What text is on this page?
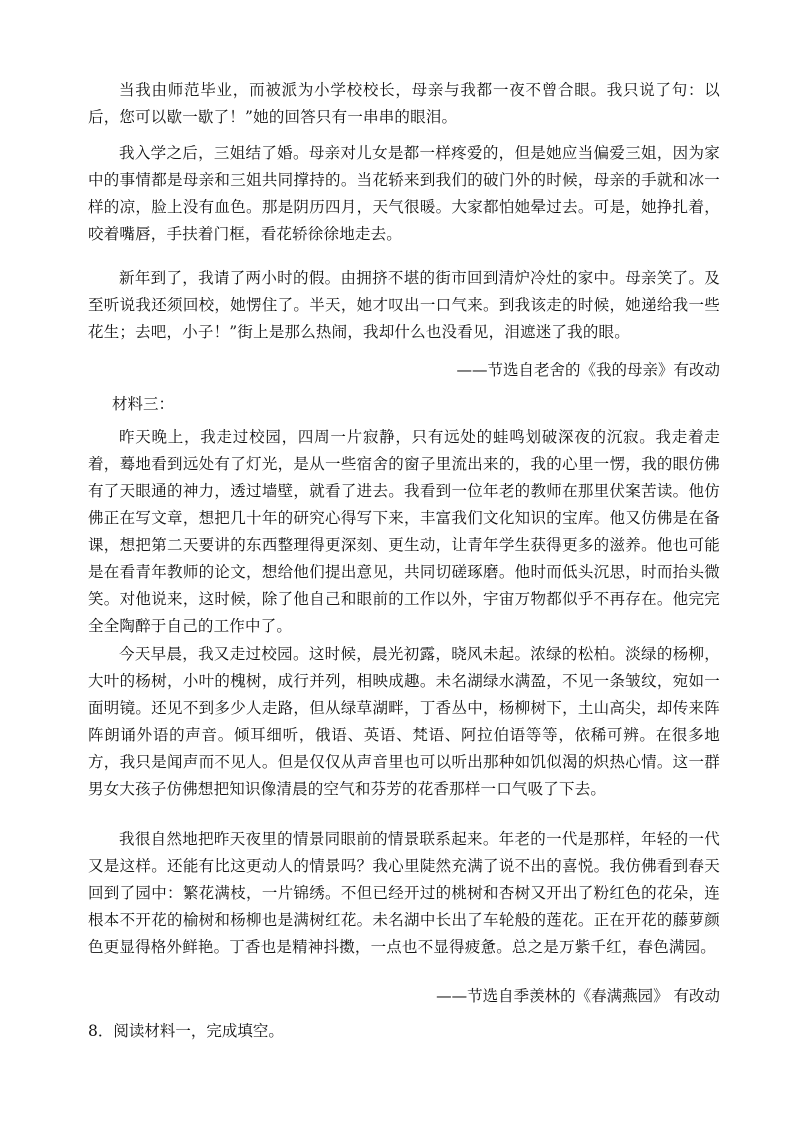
当我由师范毕业，而被派为小学校校长，母亲与我都一夜不曾合眼。我只说了句：以后，您可以歇一歇了！”她的回答只有一串串的眼泪。

我入学之后，三姐结了婚。母亲对儿女是都一样疼爱的，但是她应当偏爱三姐，因为家中的事情都是母亲和三姐共同撑持的。当花轿来到我们的破门外的时候，母亲的手就和冰一样的凉，脸上没有血色。那是阴历四月，天气很暖。大家都怕她晕过去。可是，她挣扎着，咬着嘴唇，手扶着门框，看花轿徐徐地走去。

新年到了，我请了两小时的假。由拥挤不堪的街市回到清炉冷灶的家中。母亲笑了。及至听说我还须回校，她愣住了。半天，她才叹出一口气来。到我该走的时候，她递给我一些花生；去吧，小子！”街上是那么热闹，我却什么也没看见，泪遮迷了我的眼。

——节选自老舍的《我的母亲》有改动

材料三：

昨天晚上，我走过校园，四周一片寂静，只有远处的蛙鸣划破深夜的沉寂。我走着走着，蓦地看到远处有了灯光，是从一些宿舍的窗子里流出来的，我的心里一愣，我的眼仿佛有了天眼通的神力，透过墙壁，就看了进去。我看到一位年老的教师在那里伏案苦读。他仿佛正在写文章，想把几十年的研究心得写下来，丰富我们文化知识的宝库。他又仿佛是在备课，想把第二天要讲的东西整理得更深刻、更生动，让青年学生获得更多的滋养。他也可能是在看青年教师的论文，想给他们提出意见，共同切磋琢磨。他时而低头沉思，时而抬头微笑。对他说来，这时候，除了他自己和眼前的工作以外，宇宙万物都似乎不再存在。他完完全全陶醉于自己的工作中了。

今天早晨，我又走过校园。这时候，晨光初露，晓风未起。浓绿的松柏。淡绿的杨柳，大叶的杨树，小叶的槐树，成行并列，相映成趣。未名湖绿水满盈，不见一条皱纹，宛如一面明镜。还见不到多少人走路，但从绿草湖畔，丁香丛中，杨柳树下，土山高尖，却传来阵阵朗诵外语的声音。倾耳细听，俄语、英语、梵语、阿拉伯语等等，依稀可辨。在很多地方，我只是闻声而不见人。但是仅仅从声音里也可以听出那种如饥似渴的炽热心情。这一群男女大孩子仿佛想把知识像清晨的空气和芬芳的花香那样一口气吸了下去。

我很自然地把昨天夜里的情景同眼前的情景联系起来。年老的一代是那样，年轻的一代又是这样。还能有比这更动人的情景吗？我心里陡然充满了说不出的喜悦。我仿佛看到春天回到了园中：繁花满枝，一片锦绣。不但已经开过的桃树和杏树又开出了粉红色的花朵，连根本不开花的榆树和杨柳也是满树红花。未名湖中长出了车轮般的莲花。正在开花的藤萝颜色更显得格外鲜艳。丁香也是精神抖擞，一点也不显得疲惫。总之是万紫千红，春色满园。

——节选自季羡林的《春满燕园》 有改动

8．阅读材料一，完成填空。
